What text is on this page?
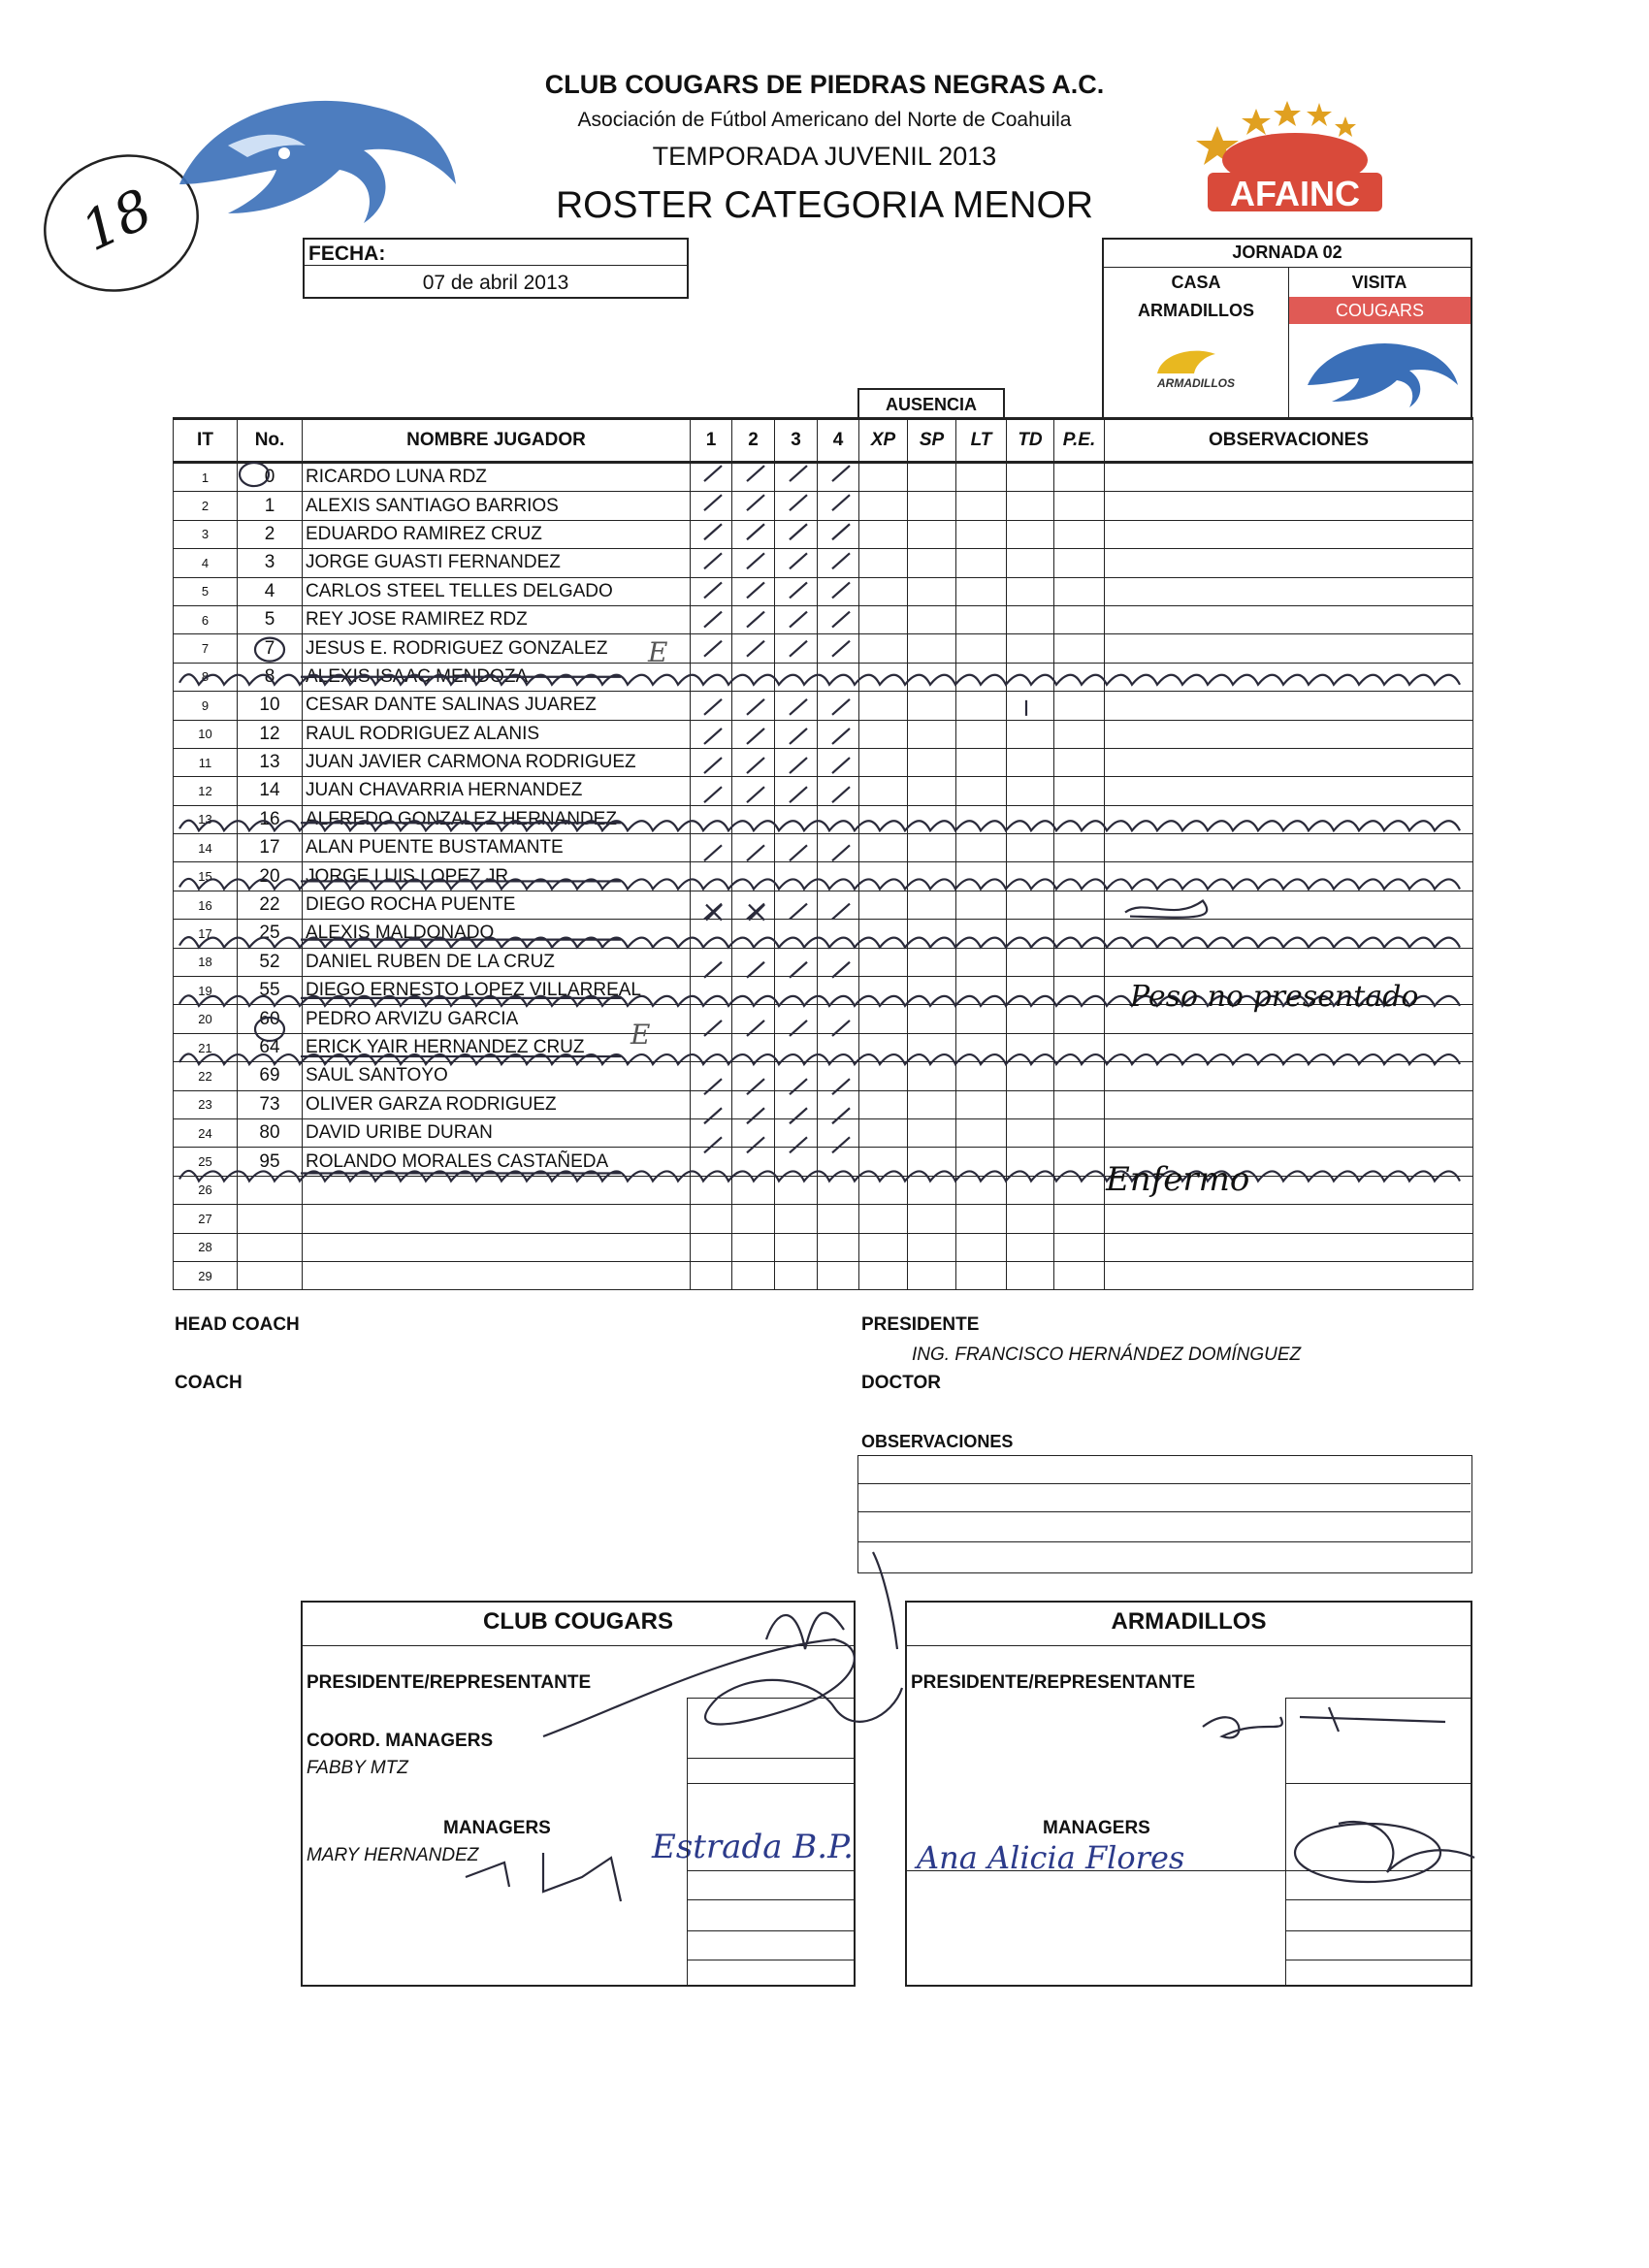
18	AFAINC
CLUB COUGARS DE PIEDRAS NEGRAS A.C.
Asociación de Fútbol Americano del Norte de Coahuila
TEMPORADA JUVENIL 2013
ROSTER CATEGORIA MENOR
FECHA:
07 de abril 2013
JORNADA 02
CASA	VISITA
ARMADILLOS	COUGARS
ARMADILLOS
AUSENCIA
IT	No.	NOMBRE JUGADOR	1	2	3	4	XP	SP	LT	TD	P.E.	OBSERVACIONES
1	0	RICARDO LUNA RDZ										
2	1	ALEXIS SANTIAGO BARRIOS										
3	2	EDUARDO RAMIREZ CRUZ										
4	3	JORGE GUASTI FERNANDEZ										
5	4	CARLOS STEEL TELLES DELGADO										
6	5	REY JOSE RAMIREZ RDZ										
7	7	JESUS E. RODRIGUEZ GONZALEZ										
8	8	ALEXIS ISAAC MENDOZA										
9	10	CESAR DANTE SALINAS JUAREZ										
10	12	RAUL RODRIGUEZ ALANIS										
11	13	JUAN JAVIER CARMONA RODRIGUEZ										
12	14	JUAN CHAVARRIA HERNANDEZ										
13	16	ALFREDO GONZALEZ HERNANDEZ										
14	17	ALAN PUENTE BUSTAMANTE										
15	20	JORGE LUIS LOPEZ JR										
16	22	DIEGO ROCHA PUENTE										
17	25	ALEXIS MALDONADO										
18	52	DANIEL RUBEN DE LA CRUZ										
19	55	DIEGO ERNESTO LOPEZ VILLARREAL										
20	60	PEDRO ARVIZU GARCIA										
21	64	ERICK YAIR HERNANDEZ CRUZ										
22	69	SAUL SANTOYO										
23	73	OLIVER GARZA RODRIGUEZ										
24	80	DAVID URIBE DURAN										
25	95	ROLANDO MORALES CASTAÑEDA										
26												
27												
28												
29												
Peso no presentado
Enfermo
E
E
HEAD COACH
COACH
PRESIDENTE
ING. FRANCISCO HERNÁNDEZ DOMÍNGUEZ
DOCTOR
OBSERVACIONES
CLUB COUGARS
PRESIDENTE/REPRESENTANTE
COORD. MANAGERS
FABBY MTZ
MANAGERS
MARY HERNANDEZ	Estrada B.P.
ARMADILLOS
PRESIDENTE/REPRESENTANTE
MANAGERS
Ana Alicia Flores
